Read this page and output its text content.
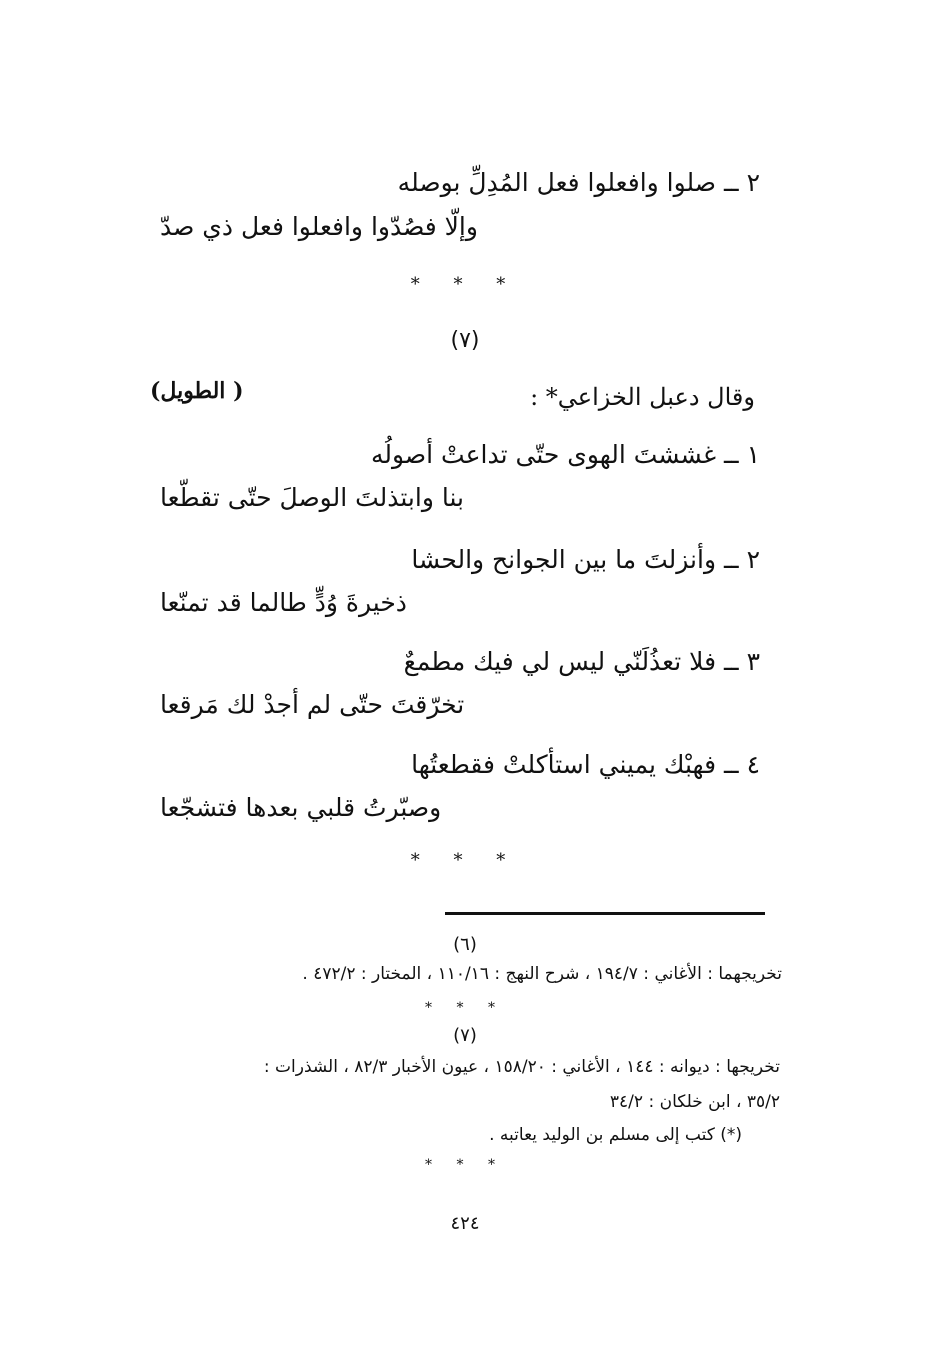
٢ ــ صلوا وافعلوا فعل المُدِلِّ بوصله
وإلّا فصُدّوا وافعلوا فعل ذي صدّ
* * *
(٧)
( الطويل)	وقال دعبل الخزاعي* :
١ ــ غششتَ الهوى حتّى تداعتْ أصولُه
بنا وابتذلتَ الوصلَ حتّى تقطّعا
٢ ــ وأنزلتَ ما بين الجوانح والحشا
ذخيرةَ وُدٍّ طالما قد تمنّعا
٣ ــ فلا تعذُلَنّي ليس لي فيك مطمعٌ
تخرّقتَ حتّى لم أجدْ لك مَرقعا
٤ ــ فهبْك يميني استأكلتْ فقطعتُها
وصبّرتُ قلبي بعدها فتشجّعا
* * *
(٦)
تخريجهما : الأغاني : ١٩٤/٧ ، شرح النهج : ١١٠/١٦ ، المختار : ٤٧٢/٢ .
* * *
(٧)
تخريجها : ديوانه : ١٤٤ ، الأغاني : ١٥٨/٢٠ ، عيون الأخبار ٨٢/٣ ، الشذرات :
٣٥/٢ ، ابن خلكان : ٣٤/٢
(*) كتب إلى مسلم بن الوليد يعاتبه .
* * *
٤٢٤
